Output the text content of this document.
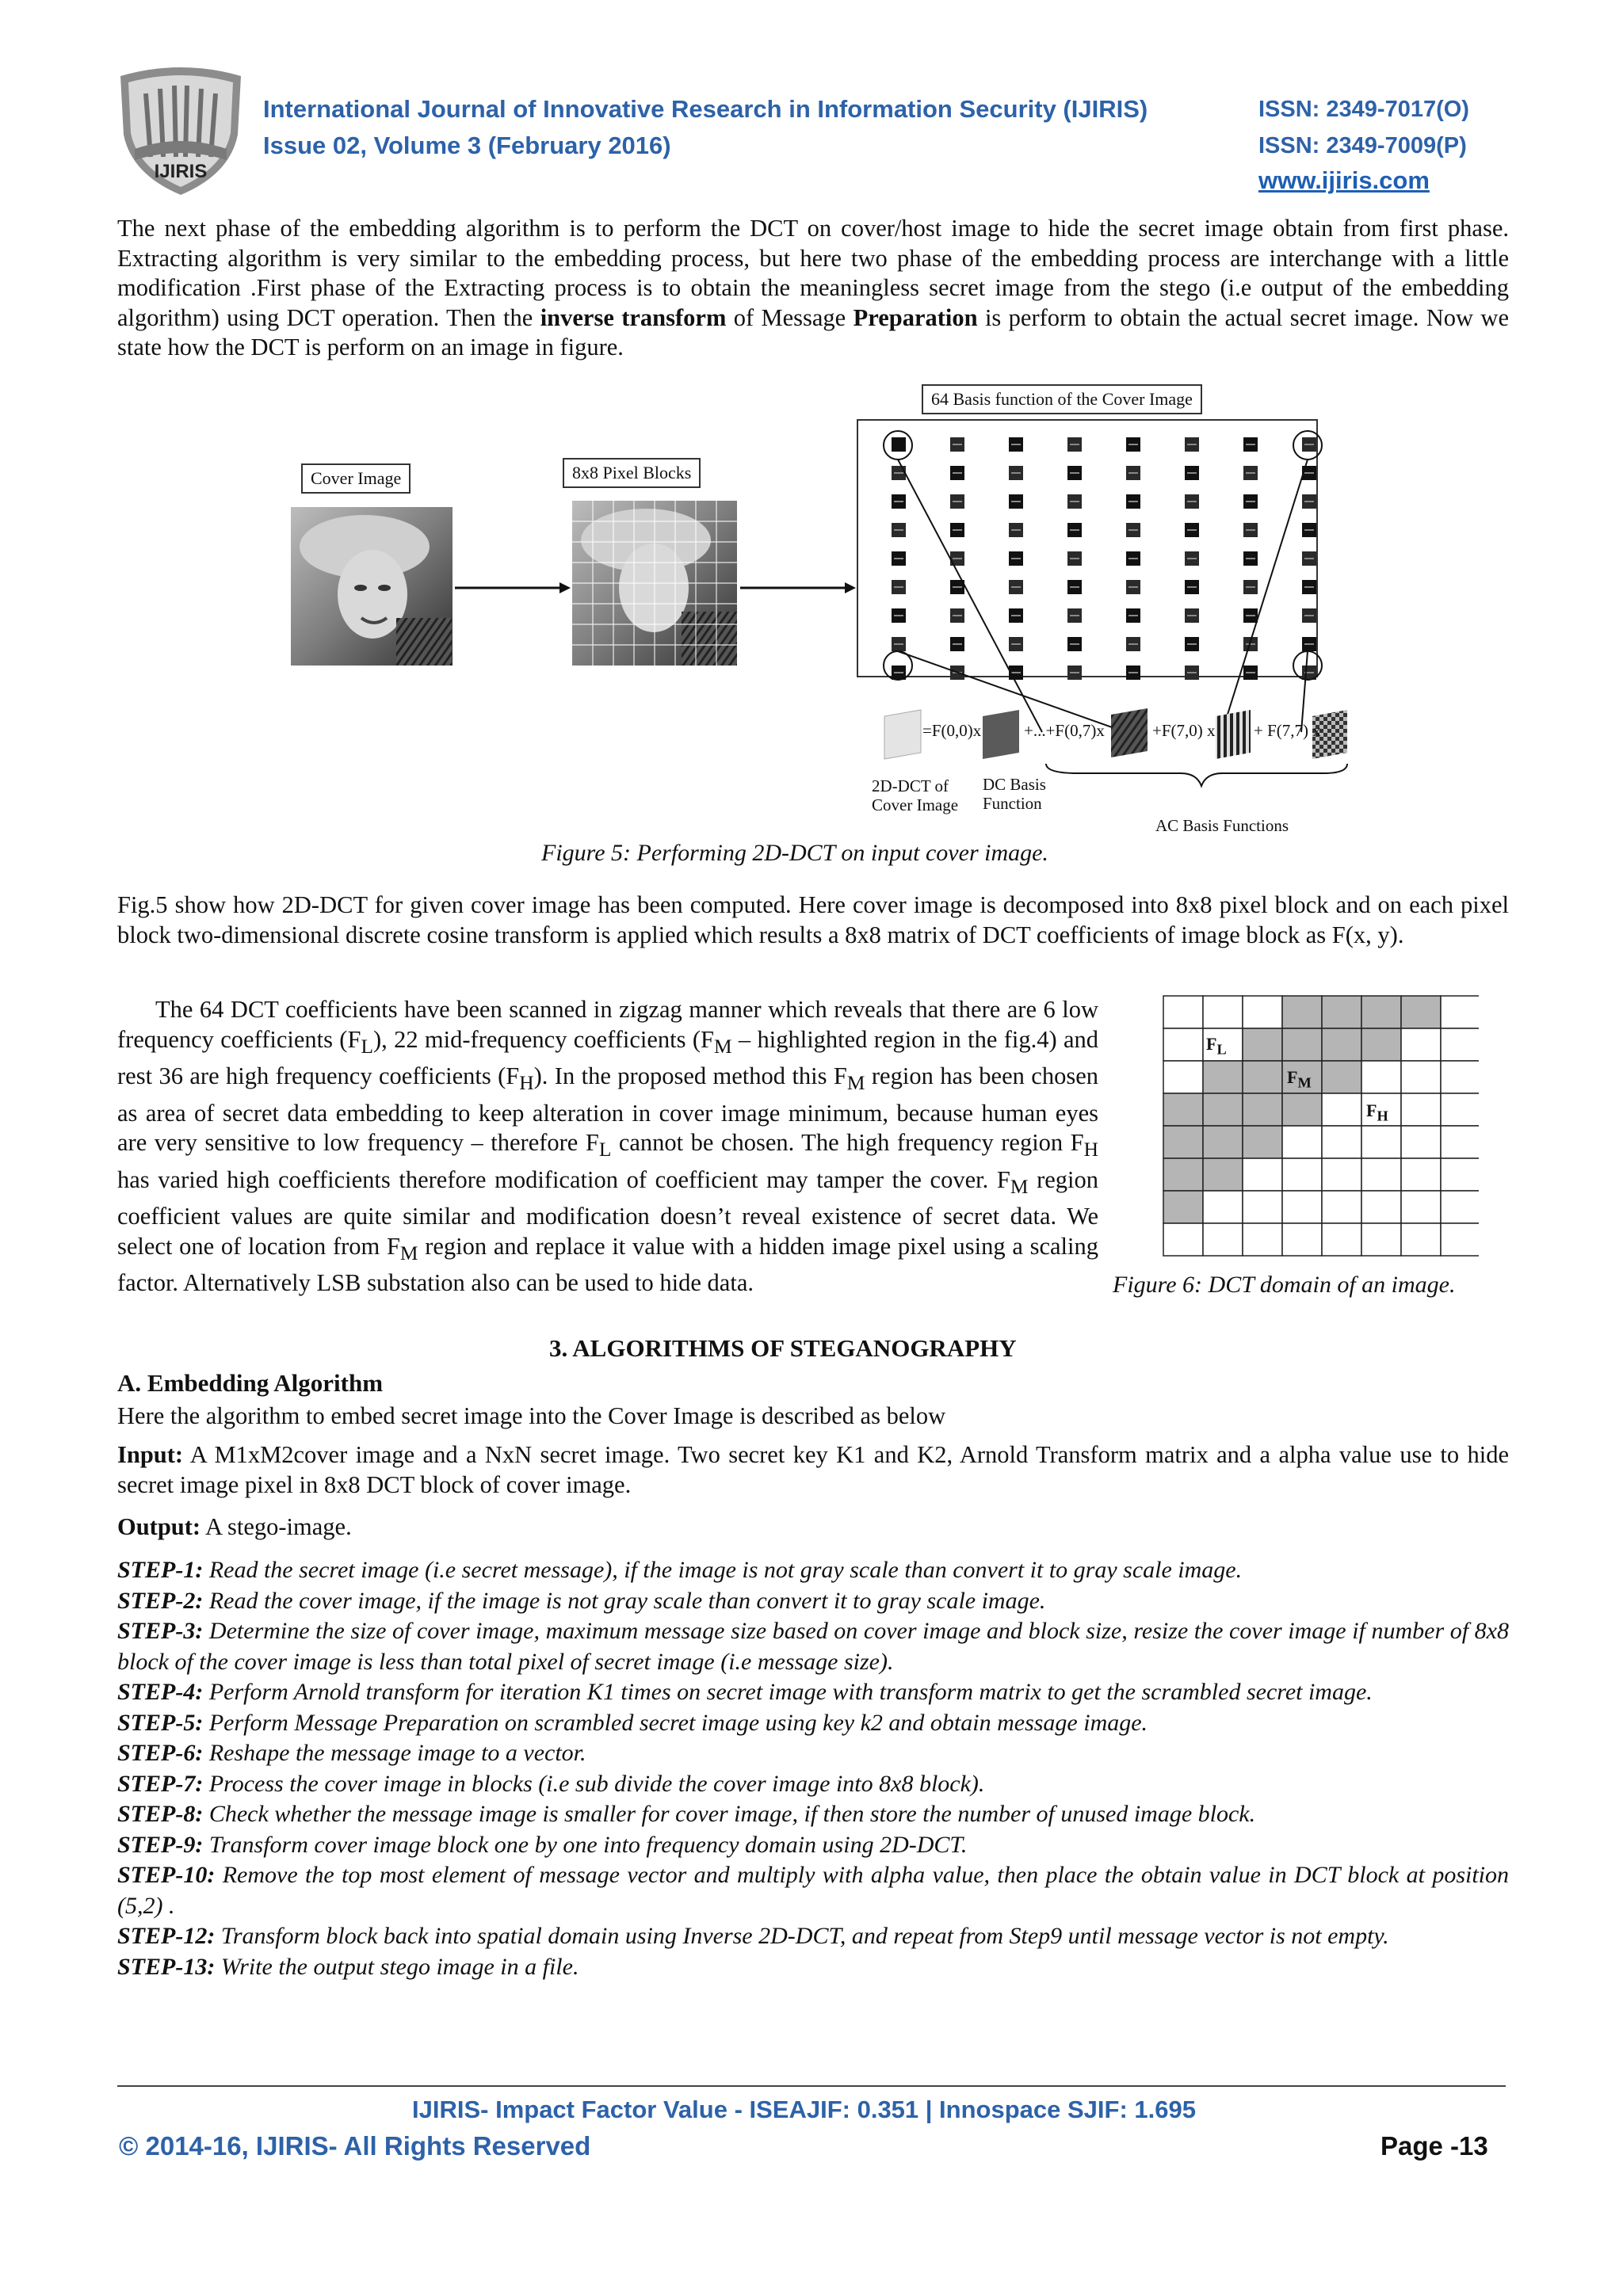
IJIRIS
International Journal of Innovative Research in Information Security (IJIRIS)
Issue 02, Volume 3 (February 2016)
ISSN: 2349-7017(O)
ISSN: 2349-7009(P)
www.ijiris.com

The next phase of the embedding algorithm is to perform the DCT on cover/host image to hide the secret image obtain from first phase. Extracting algorithm is very similar to the embedding process, but here two phase of the embedding process are interchange with a little modification .First phase of the Extracting process is to obtain the meaningless secret image from the stego (i.e output of the embedding algorithm) using DCT operation. Then the inverse transform of Message Preparation is perform to obtain the actual secret image. Now we state how the DCT is perform on an image in figure.

Cover Image	8x8 Pixel Blocks
64 Basis function of the Cover Image
=F(0,0)x	+...+F(0,7)x	+F(7,0) x + F(7,7) x
2D-DCT of
Cover Image
DC Basis
Function
AC Basis Functions
Figure 5: Performing 2D-DCT on input cover image.

Fig.5 show how 2D-DCT for given cover image has been computed. Here cover image is decomposed into 8x8 pixel block and on each pixel block two-dimensional discrete cosine transform is applied which results a 8x8 matrix of DCT coefficients of image block as F(x, y).

The 64 DCT coefficients have been scanned in zigzag manner which reveals that there are 6 low frequency coefficients $(F_L)$, 22 mid-frequency coefficients ($F_M$ – highlighted region in the fig.4) and rest 36 are high frequency coefficients $(F_H)$. In the proposed method this $F_M$ region has been chosen as area of secret data embedding to keep alteration in cover image minimum, because human eyes are very sensitive to low frequency – therefore $F_L$ cannot be chosen. The high frequency region $F_H$ has varied high coefficients therefore modification of coefficient may tamper the cover. $F_M$ region coefficient values are quite similar and modification doesn’t reveal existence of secret data. We select one of location from $F_M$ region and replace it value with a hidden image pixel using a scaling factor. Alternatively LSB substation also can be used to hide data.

$F_L$
$F_M$
$F_H$
Figure 6: DCT domain of an image.
3. ALGORITHMS OF STEGANOGRAPHY
A. Embedding Algorithm
Here the algorithm to embed secret image into the Cover Image is described as below

Input: A M1xM2cover image and a NxN secret image. Two secret key K1 and K2, Arnold Transform matrix and a alpha value use to hide secret image pixel in 8x8 DCT block of cover image.

Output: A stego-image.

STEP-1: Read the secret image (i.e secret message), if the image is not gray scale than convert it to gray scale image.

STEP-2: Read the cover image, if the image is not gray scale than convert it to gray scale image.

STEP-3: Determine the size of cover image, maximum message size based on cover image and block size, resize the cover image if number of 8x8 block of the cover image is less than total pixel of secret image (i.e message size).

STEP-4: Perform Arnold transform for iteration K1 times on secret image with transform matrix to get the scrambled secret image.

STEP-5: Perform Message Preparation on scrambled secret image using key k2 and obtain message image.

STEP-6: Reshape the message image to a vector.

STEP-7: Process the cover image in blocks (i.e sub divide the cover image into 8x8 block).

STEP-8: Check whether the message image is smaller for cover image, if then store the number of unused image block.

STEP-9: Transform cover image block one by one into frequency domain using 2D-DCT.

STEP-10: Remove the top most element of message vector and multiply with alpha value, then place the obtain value in DCT block at position (5,2) .

STEP-12: Transform block back into spatial domain using Inverse 2D-DCT, and repeat from Step9 until message vector is not empty.

STEP-13: Write the output stego image in a file.

IJIRIS- Impact Factor Value - ISEAJIF: 0.351 | Innospace SJIF: 1.695
© 2014-16, IJIRIS- All Rights Reserved	Page -13
